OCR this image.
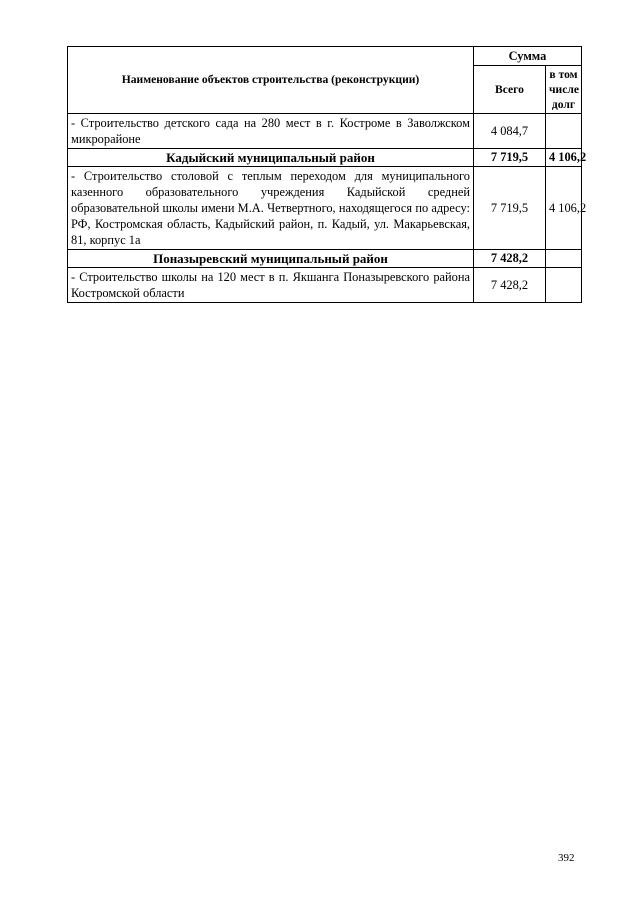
Наименование объектов строительства (реконструкции)	Сумма	
	Всего	в том числе долг
- Строительство детского сада на 280 мест в г. Костроме в Заволжском микрорайоне	4 084,7	
Кадыйский муниципальный район	7 719,5	4 106,2
- Строительство столовой с теплым переходом для муниципального казенного образовательного учреждения Кадыйской средней образовательной школы имени М.А. Четвертного, находящегося по адресу: РФ, Костромская область, Кадыйский район, п. Кадый, ул. Макарьевская, 81, корпус 1а	7 719,5	4 106,2
Поназыревский муниципальный район	7 428,2	
- Строительство школы на 120 мест в п. Якшанга Поназыревского района Костромской области	7 428,2	
392
